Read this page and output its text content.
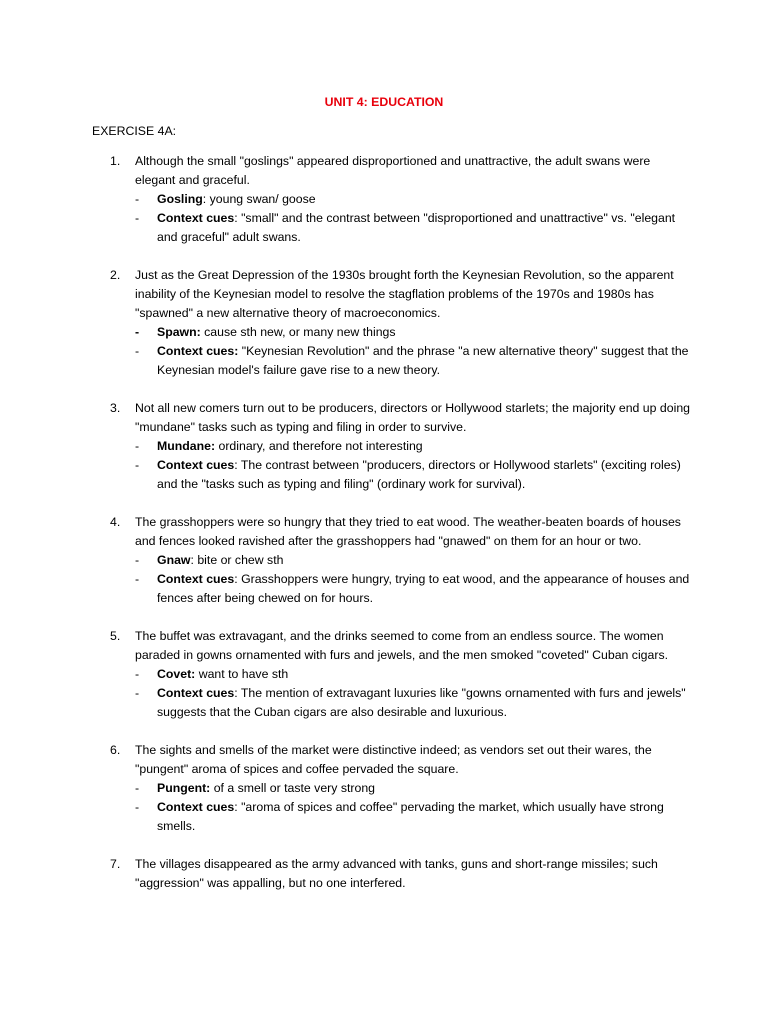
UNIT 4: EDUCATION
EXERCISE 4A:
1. Although the small "goslings" appeared disproportioned and unattractive, the adult swans were elegant and graceful.
- Gosling: young swan/ goose
- Context cues: "small" and the contrast between "disproportioned and unattractive" vs. "elegant and graceful" adult swans.
2. Just as the Great Depression of the 1930s brought forth the Keynesian Revolution, so the apparent inability of the Keynesian model to resolve the stagflation problems of the 1970s and 1980s has "spawned" a new alternative theory of macroeconomics.
- Spawn: cause sth new, or many new things
- Context cues: "Keynesian Revolution" and the phrase "a new alternative theory" suggest that the Keynesian model's failure gave rise to a new theory.
3. Not all new comers turn out to be producers, directors or Hollywood starlets; the majority end up doing "mundane" tasks such as typing and filing in order to survive.
- Mundane: ordinary, and therefore not interesting
- Context cues: The contrast between "producers, directors or Hollywood starlets" (exciting roles) and the "tasks such as typing and filing" (ordinary work for survival).
4. The grasshoppers were so hungry that they tried to eat wood. The weather-beaten boards of houses and fences looked ravished after the grasshoppers had "gnawed" on them for an hour or two.
- Gnaw: bite or chew sth
- Context cues: Grasshoppers were hungry, trying to eat wood, and the appearance of houses and fences after being chewed on for hours.
5. The buffet was extravagant, and the drinks seemed to come from an endless source. The women paraded in gowns ornamented with furs and jewels, and the men smoked "coveted" Cuban cigars.
- Covet: want to have sth
- Context cues: The mention of extravagant luxuries like "gowns ornamented with furs and jewels" suggests that the Cuban cigars are also desirable and luxurious.
6. The sights and smells of the market were distinctive indeed; as vendors set out their wares, the "pungent" aroma of spices and coffee pervaded the square.
- Pungent: of a smell or taste very strong
- Context cues: "aroma of spices and coffee" pervading the market, which usually have strong smells.
7. The villages disappeared as the army advanced with tanks, guns and short-range missiles; such "aggression" was appalling, but no one interfered.
